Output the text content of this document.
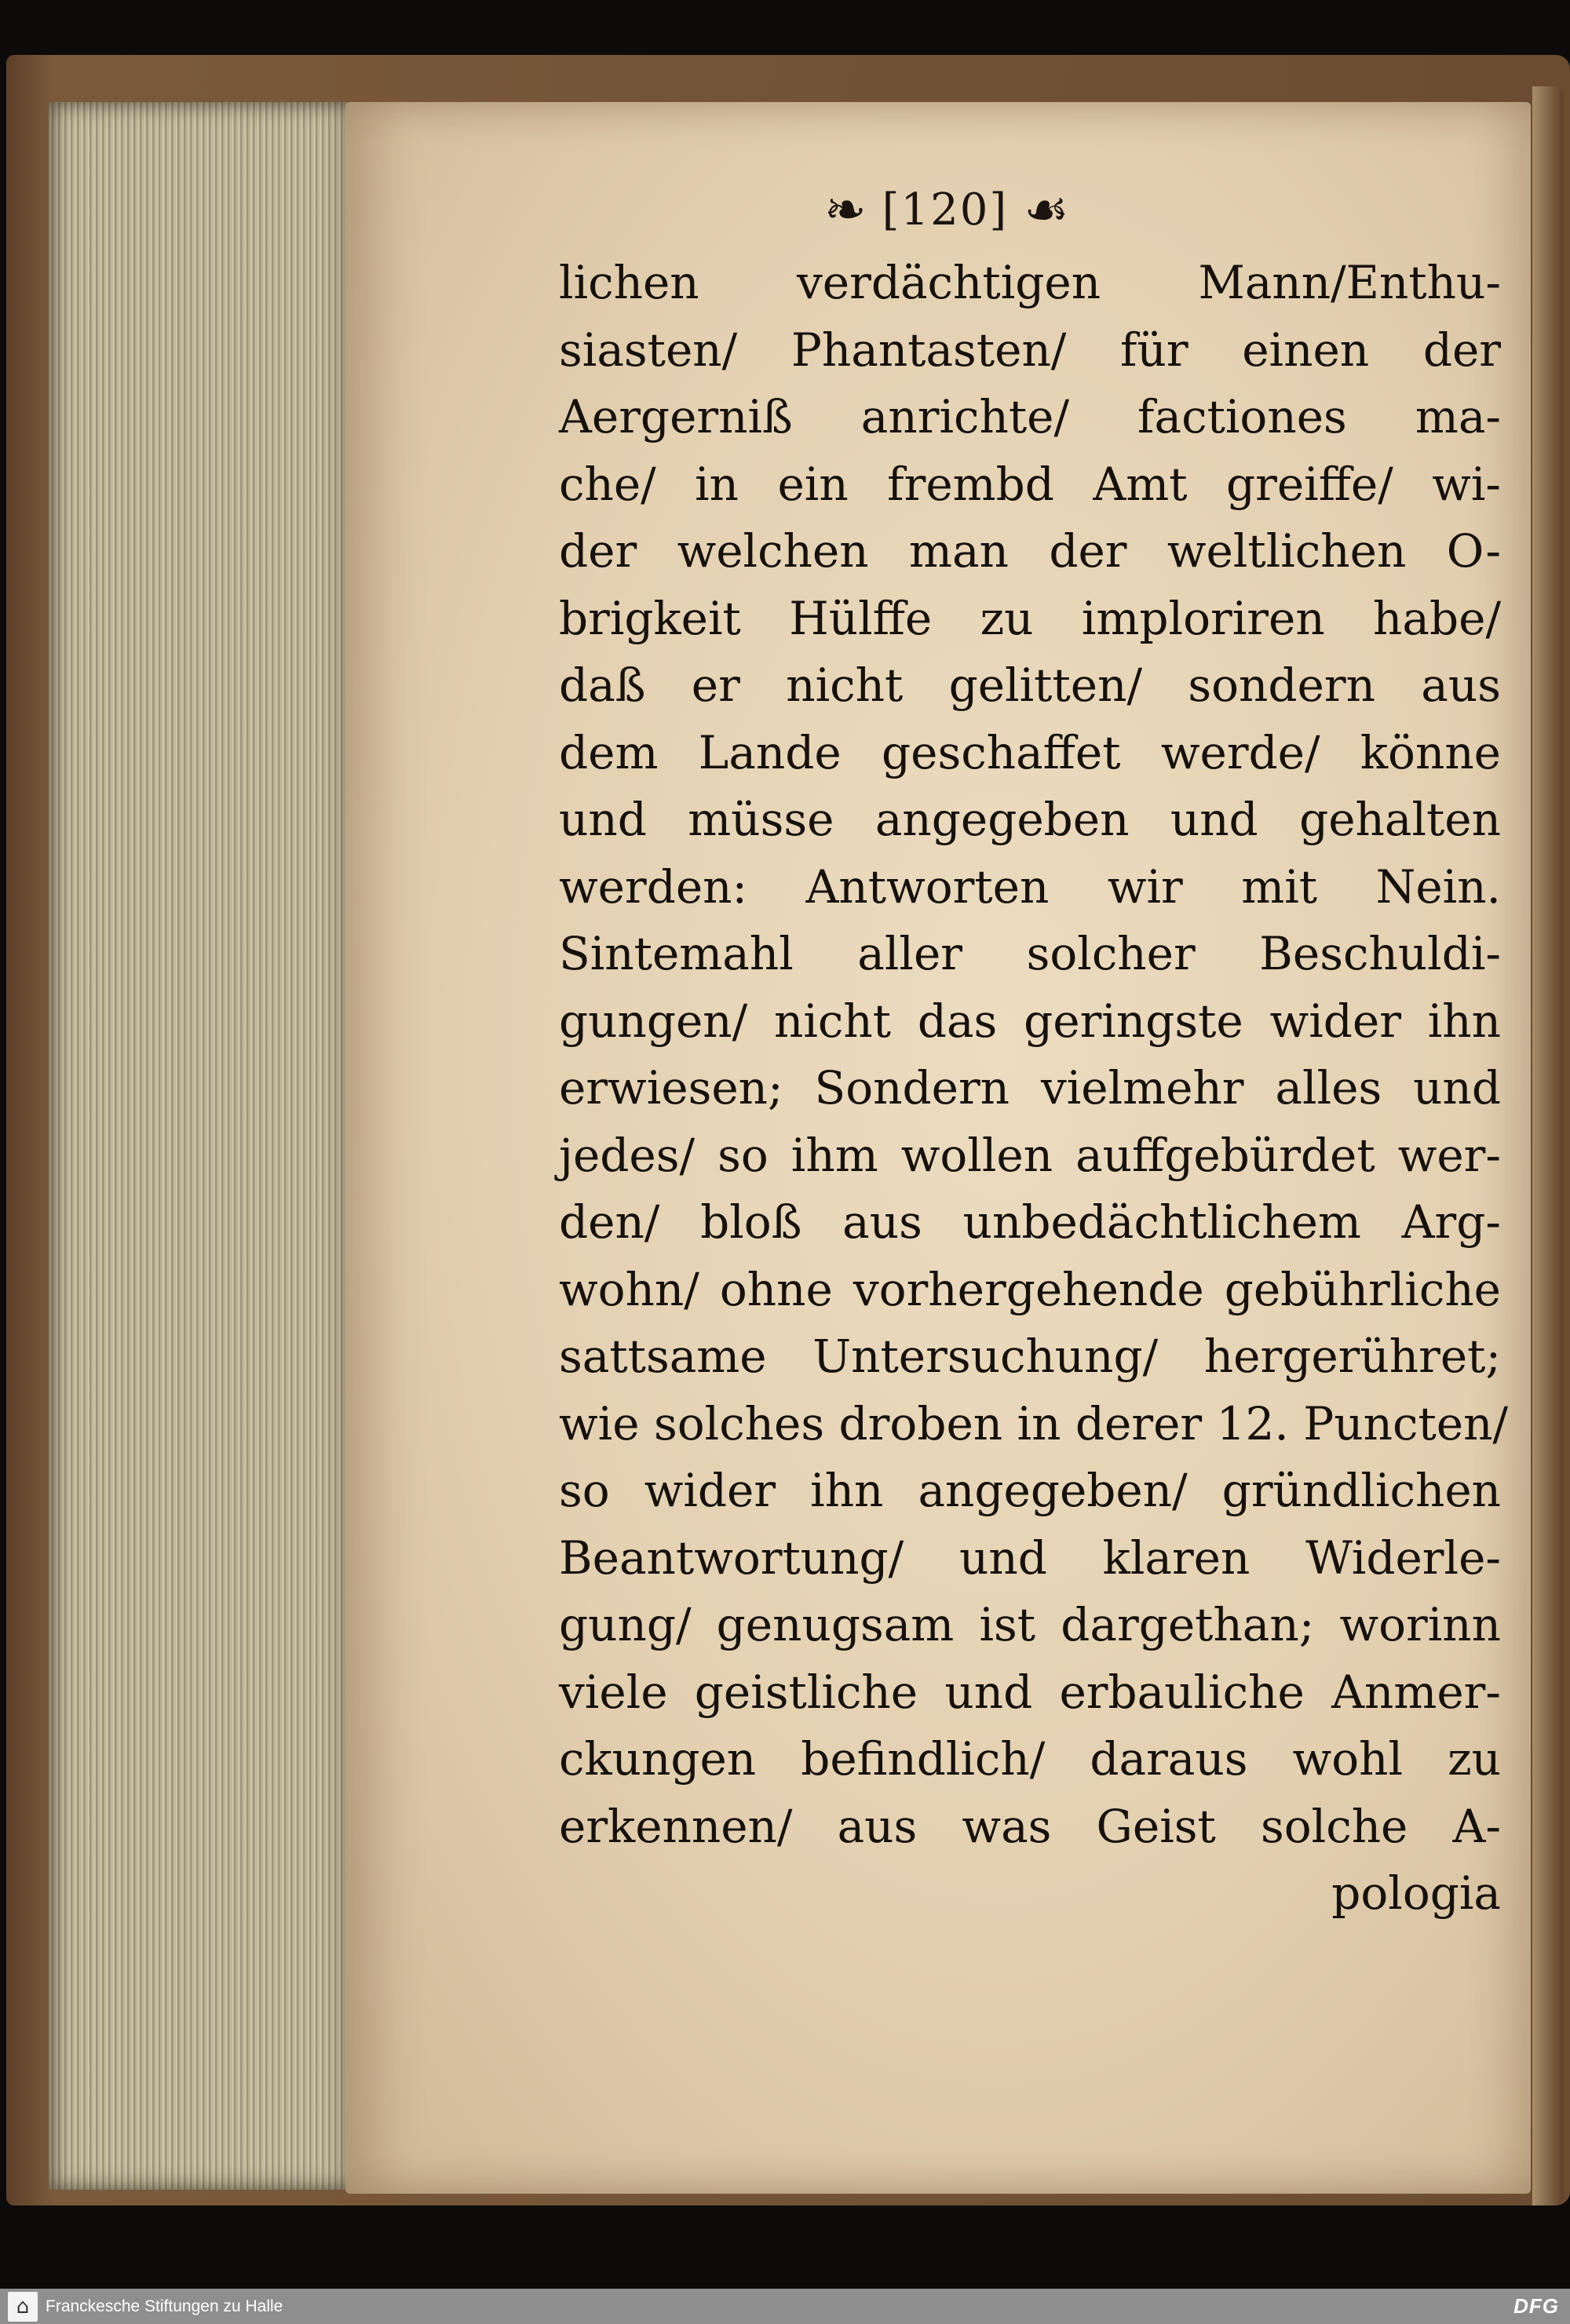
❧ [120] ☙
lichen verdächtigen Mann/Enthu-
siasten/ Phantasten/ für einen der
Aergerniß anrichte/ factiones ma-
che/ in ein frembd Amt greiffe/ wi-
der welchen man der weltlichen O-
brigkeit Hülffe zu imploriren habe/
daß er nicht gelitten/ sondern aus
dem Lande geschaffet werde/ könne
und müsse angegeben und gehalten
werden: Antworten wir mit Nein.
Sintemahl aller solcher Beschuldi-
gungen/ nicht das geringste wider ihn
erwiesen; Sondern vielmehr alles und
jedes/ so ihm wollen auffgebürdet wer-
den/ bloß aus unbedächtlichem Arg-
wohn/ ohne vorhergehende gebührliche
sattsame Untersuchung/ hergerühret;
wie solches droben in derer 12. Puncten/
so wider ihn angegeben/ gründlichen
Beantwortung/ und klaren Widerle-
gung/ genugsam ist dargethan; worinn
viele geistliche und erbauliche Anmer-
ckungen befindlich/ daraus wohl zu
erkennen/ aus was Geist solche A-
pologia
⌂ Franckesche Stiftungen zu Halle	DFG
